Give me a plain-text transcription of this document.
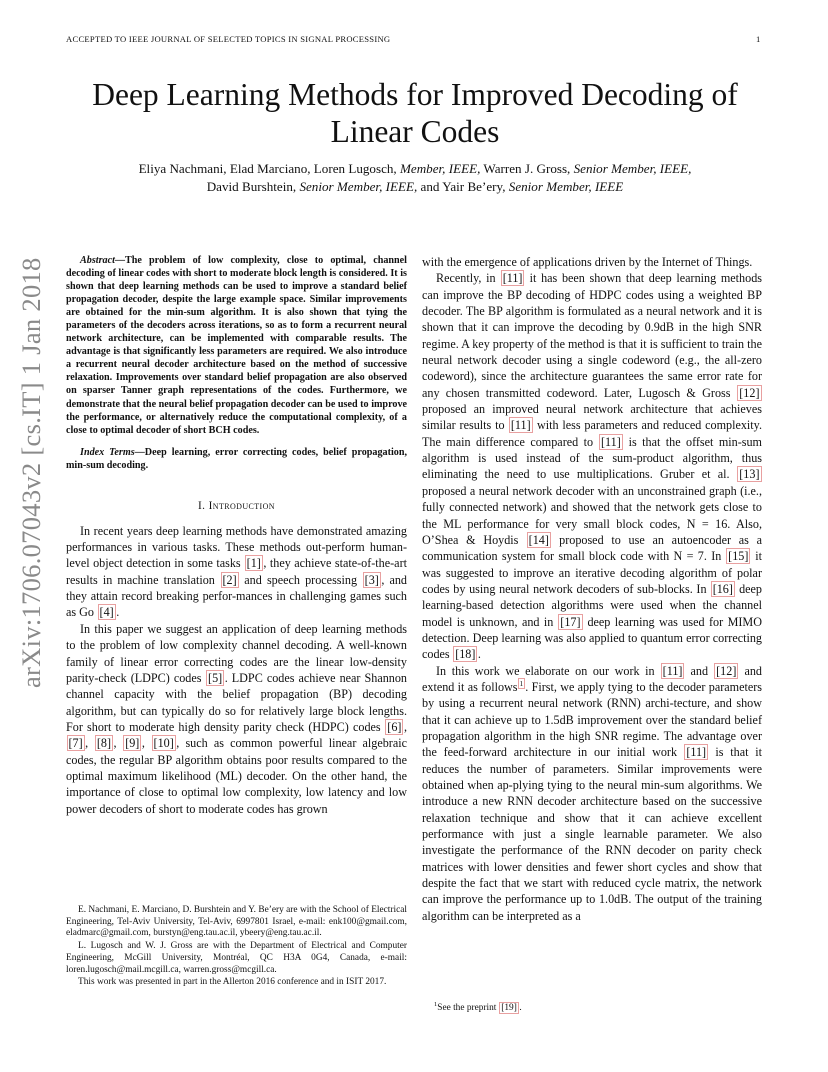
ACCEPTED TO IEEE JOURNAL OF SELECTED TOPICS IN SIGNAL PROCESSING	1
Deep Learning Methods for Improved Decoding of
Linear Codes
Eliya Nachmani, Elad Marciano, Loren Lugosch, Member, IEEE, Warren J. Gross, Senior Member, IEEE,
David Burshtein, Senior Member, IEEE, and Yair Be’ery, Senior Member, IEEE
arXiv:1706.07043v2 [cs.IT] 1 Jan 2018	Abstract—The problem of low complexity, close to optimal, channel decoding of linear codes with short to moderate block length is considered. It is shown that deep learning methods can be used to improve a standard belief propagation decoder, despite the large example space. Similar improvements are obtained for the min-sum algorithm. It is also shown that tying the parameters of the decoders across iterations, so as to form a recurrent neural network architecture, can be implemented with comparable results. The advantage is that significantly less parameters are required. We also introduce a recurrent neural decoder architecture based on the method of successive relaxation. Improvements over standard belief propagation are also observed on sparser Tanner graph representations of the codes. Furthermore, we demonstrate that the neural belief propagation decoder can be used to improve the performance, or alternatively reduce the computational complexity, of a close to optimal decoder of short BCH codes.

Index Terms—Deep learning, error correcting codes, belief propagation, min-sum decoding.

I. Introduction

In recent years deep learning methods have demonstrated amazing performances in various tasks. These methods out-perform human-level object detection in some tasks [1] , they achieve state-of-the-art results in machine translation [2] and speech processing [3] , and they attain record breaking perfor-mances in challenging games such as Go [4] .

In this paper we suggest an application of deep learning methods to the problem of low complexity channel decoding. A well-known family of linear error correcting codes are the linear low-density parity-check (LDPC) codes [5] . LDPC codes achieve near Shannon channel capacity with the belief propagation (BP) decoding algorithm, but can typically do so for relatively large block lengths. For short to moderate high density parity check (HDPC) codes [6] , [7] , [8] , [9] , [10] , such as common powerful linear algebraic codes, the regular BP algorithm obtains poor results compared to the optimal maximum likelihood (ML) decoder. On the other hand, the importance of close to optimal low complexity, low latency and low power decoders of short to moderate codes has grown

with the emergence of applications driven by the Internet of Things.

Recently, in [11] it has been shown that deep learning methods can improve the BP decoding of HDPC codes using a weighted BP decoder. The BP algorithm is formulated as a neural network and it is shown that it can improve the decoding by 0.9dB in the high SNR regime. A key property of the method is that it is sufficient to train the neural network decoder using a single codeword (e.g., the all-zero codeword), since the architecture guarantees the same error rate for any chosen transmitted codeword. Later, Lugosch & Gross [12] proposed an improved neural network architecture that achieves similar results to [11] with less parameters and reduced complexity. The main difference compared to [11] is that the offset min-sum algorithm is used instead of the sum-product algorithm, thus eliminating the need to use multiplications. Gruber et al. [13] proposed a neural network decoder with an unconstrained graph (i.e., fully connected network) and showed that the network gets close to the ML performance for very small block codes, N = 16. Also, O’Shea & Hoydis [14] proposed to use an autoencoder as a communication system for small block code with N = 7. In [15] it was suggested to improve an iterative decoding algorithm of polar codes by using neural network decoders of sub-blocks. In [16] deep learning-based detection algorithms were used when the channel model is unknown, and in [17] deep learning was used for MIMO detection. Deep learning was also applied to quantum error correcting codes [18] .

In this work we elaborate on our work in [11] and [12] and extend it as follows $^1$ . First, we apply tying to the decoder parameters by using a recurrent neural network (RNN) archi-tecture, and show that it can achieve up to 1.5dB improvement over the standard belief propagation algorithm in the high SNR regime. The advantage over the feed-forward architecture in our initial work [11] is that it reduces the number of parameters. Similar improvements were obtained when ap-plying tying to the neural min-sum algorithms. We introduce a new RNN decoder architecture based on the successive relaxation technique and show that it can achieve excellent performance with just a single learnable parameter. We also investigate the performance of the RNN decoder on parity check matrices with lower densities and fewer short cycles and show that despite the fact that we start with reduced cycle matrix, the network can improve the performance up to 1.0dB. The output of the training algorithm can be interpreted as a

E. Nachmani, E. Marciano, D. Burshtein and Y. Be’ery are with the School of Electrical Engineering, Tel-Aviv University, Tel-Aviv, 6997801 Israel, e-mail: enk100@gmail.com, eladmarc@gmail.com, burstyn@eng.tau.ac.il, ybeery@eng.tau.ac.il.

L. Lugosch and W. J. Gross are with the Department of Electrical and Computer Engineering, McGill University, Montréal, QC H3A 0G4, Canada, e-mail: loren.lugosch@mail.mcgill.ca, warren.gross@mcgill.ca.

This work was presented in part in the Allerton 2016 conference and in ISIT 2017.

$^1$See the preprint [19] .
